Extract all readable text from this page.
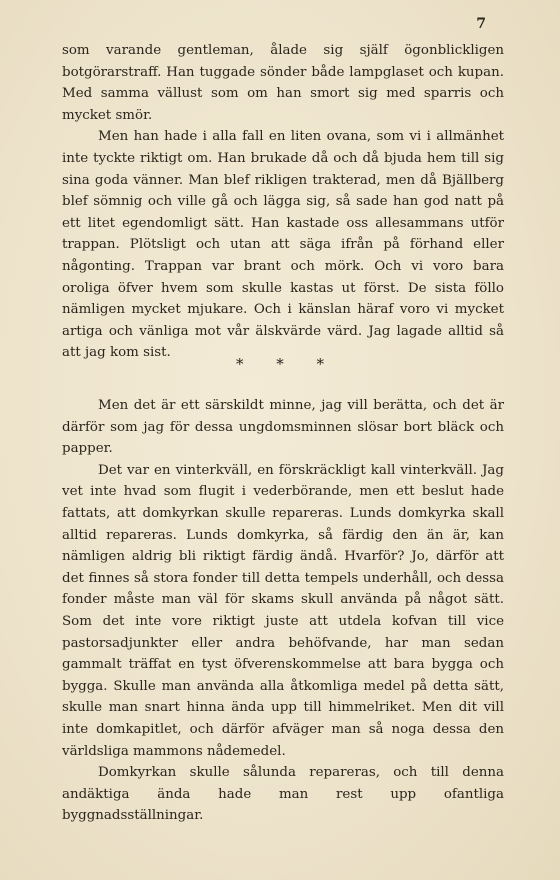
7

som varande gentleman, ålade sig själf ögonblickligen botgörarstraff. Han tuggade sönder både lampglaset och kupan. Med samma vällust som om han smort sig med sparris och mycket smör.

Men han hade i alla fall en liten ovana, som vi i allmänhet inte tyckte riktigt om. Han brukade då och då bjuda hem till sig sina goda vänner. Man blef rikligen trakterad, men då Bjällberg blef sömnig och ville gå och lägga sig, så sade han god natt på ett litet egendomligt sätt. Han kastade oss allesammans utför trappan. Plötsligt och utan att säga ifrån på förhand eller någonting. Trappan var brant och mörk. Och vi voro bara oroliga öfver hvem som skulle kastas ut först. De sista föllo nämligen mycket mjukare. Och i känslan häraf voro vi mycket artiga och vänliga mot vår älskvärde värd. Jag lagade alltid så att jag kom sist.

* * *

Men det är ett särskildt minne, jag vill berätta, och det är därför som jag för dessa ungdomsminnen slösar bort bläck och papper.

Det var en vinterkväll, en förskräckligt kall vinterkväll. Jag vet inte hvad som flugit i vederbörande, men ett beslut hade fattats, att domkyrkan skulle repareras. Lunds domkyrka skall alltid repareras. Lunds domkyrka, så färdig den än är, kan nämligen aldrig bli riktigt färdig ändå. Hvarför? Jo, därför att det finnes så stora fonder till detta tempels underhåll, och dessa fonder måste man väl för skams skull använda på något sätt. Som det inte vore riktigt juste att utdela kofvan till vice pastorsadjunkter eller andra behöfvande, har man sedan gammalt träffat en tyst öfverenskommelse att bara bygga och bygga. Skulle man använda alla åtkomliga medel på detta sätt, skulle man snart hinna ända upp till himmelriket. Men dit vill inte domkapitlet, och därför afväger man så noga dessa den världsliga mammons nådemedel.

Domkyrkan skulle sålunda repareras, och till denna andäktiga ända hade man rest upp ofantliga byggnadsställningar.
